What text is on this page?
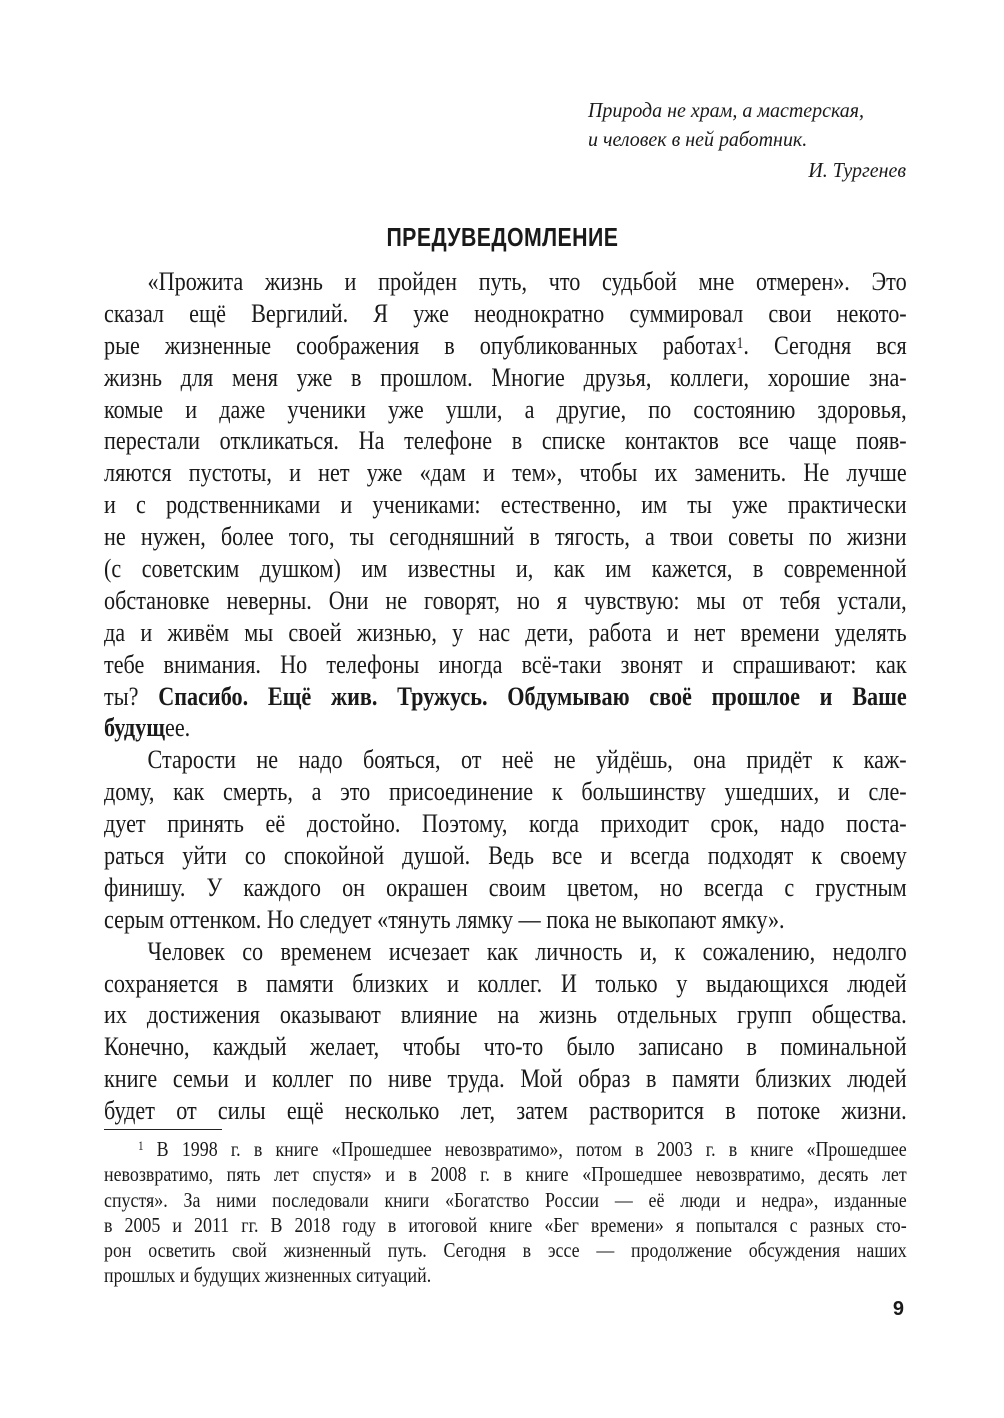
Природа не храм, а мастерская,
и человек в ней работник.
И. Тургенев
ПРЕДУВЕДОМЛЕНИЕ
«Прожита жизнь и пройден путь, что судьбой мне отмерен». Это
сказал ещё Вергилий. Я уже неоднократно суммировал свои некото-
рые жизненные соображения в опубликованных работах$^1$. Сегодня вся
жизнь для меня уже в прошлом. Многие друзья, коллеги, хорошие зна-
комые и даже ученики уже ушли, а другие, по состоянию здоровья,
перестали откликаться. На телефоне в списке контактов все чаще появ-
ляются пустоты, и нет уже «дам и тем», чтобы их заменить. Не лучше
и с родственниками и учениками: естественно, им ты уже практически
не нужен, более того, ты сегодняшний в тягость, а твои советы по жизни
(с советским душком) им известны и, как им кажется, в современной
обстановке неверны. Они не говорят, но я чувствую: мы от тебя устали,
да и живём мы своей жизнью, у нас дети, работа и нет времени уделять
тебе внимания. Но телефоны иногда всё-таки звонят и спрашивают: как
ты? Спасибо. Ещё жив. Тружусь. Обдумываю своё прошлое и Ваше
будущее.
Старости не надо бояться, от неё не уйдёшь, она придёт к каж-
дому, как смерть, а это присоединение к большинству ушедших, и сле-
дует принять её достойно. Поэтому, когда приходит срок, надо поста-
раться уйти со спокойной душой. Ведь все и всегда подходят к своему
финишу. У каждого он окрашен своим цветом, но всегда с грустным
серым оттенком. Но следует «тянуть лямку — пока не выкопают ямку».
Человек со временем исчезает как личность и, к сожалению, недолго
сохраняется в памяти близких и коллег. И только у выдающихся людей
их достижения оказывают влияние на жизнь отдельных групп общества.
Конечно, каждый желает, чтобы что-то было записано в поминальной
книге семьи и коллег по ниве труда. Мой образ в памяти близких людей
будет от силы ещё несколько лет, затем растворится в потоке жизни.
$^1$ В 1998 г. в книге «Прошедшее невозвратимо», потом в 2003 г. в книге «Прошедшее
невозвратимо, пять лет спустя» и в 2008 г. в книге «Прошедшее невозвратимо, десять лет
спустя». За ними последовали книги «Богатство России — её люди и недра», изданные
в 2005 и 2011 гг. В 2018 году в итоговой книге «Бег времени» я попытался с разных сто-
рон осветить свой жизненный путь. Сегодня в эссе — продолжение обсуждения наших
прошлых и будущих жизненных ситуаций.
9
